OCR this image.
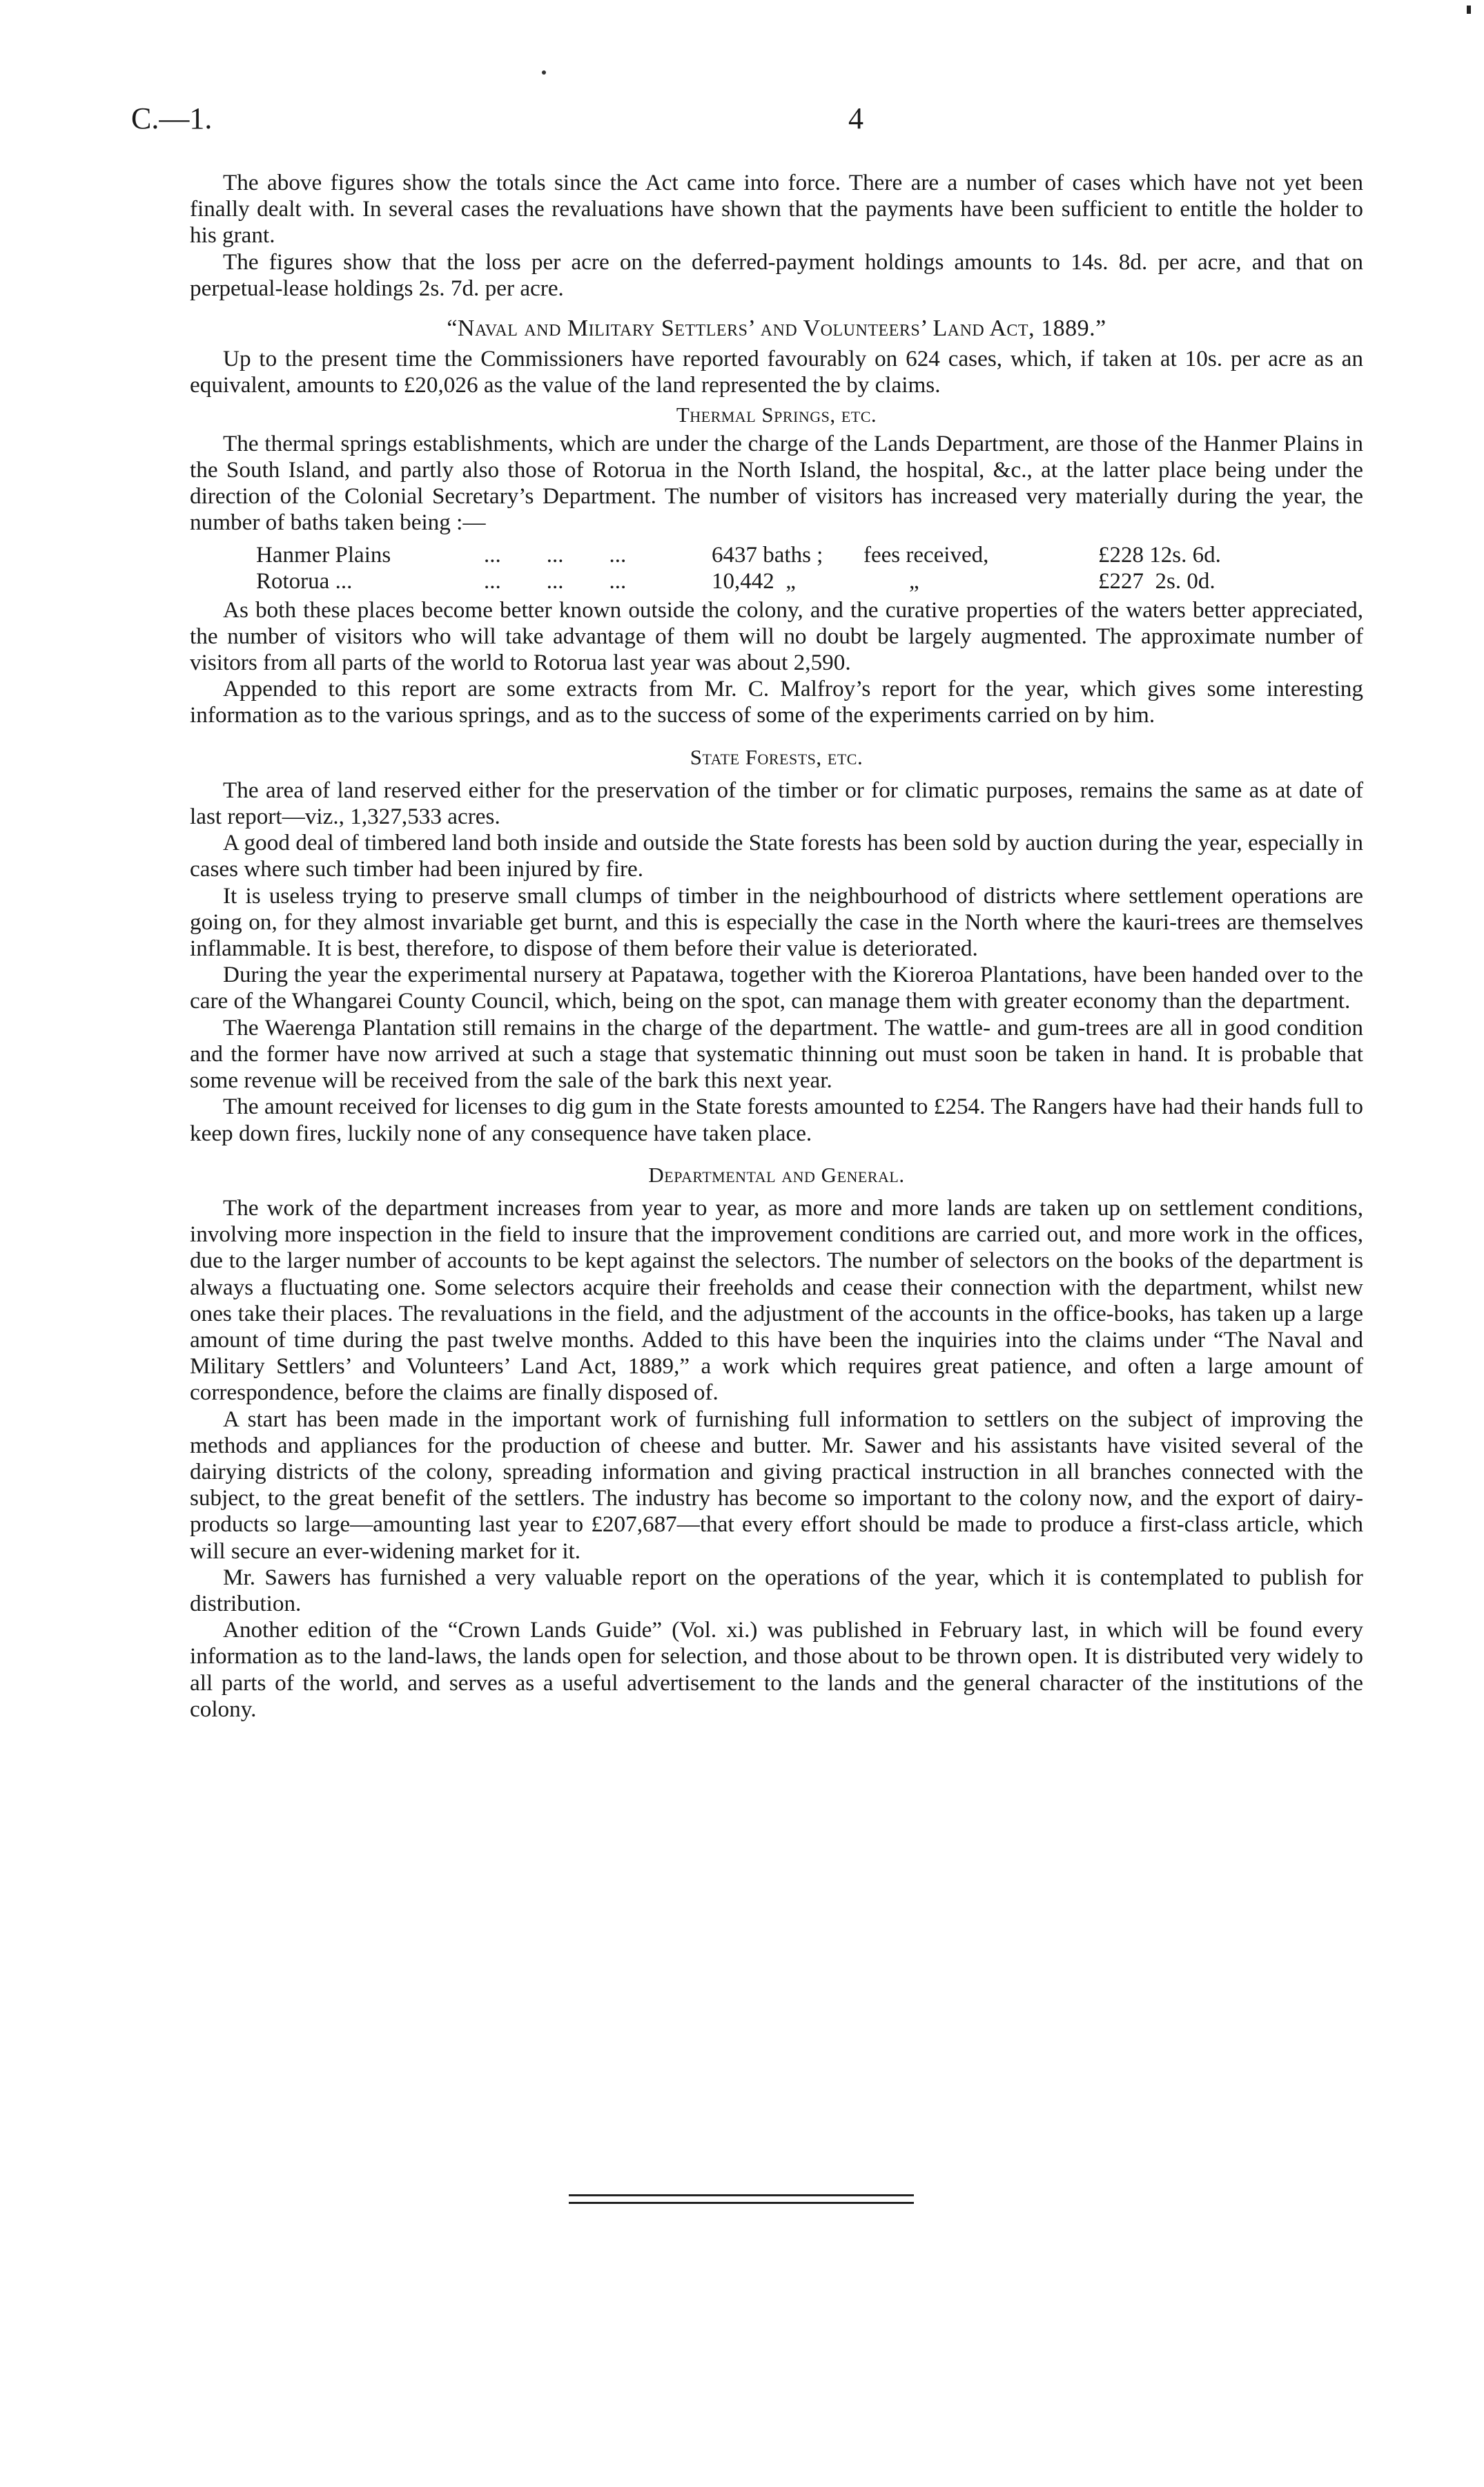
C.—1.	4

The above figures show the totals since the Act came into force. There are a number of cases which have not yet been finally dealt with. In several cases the revaluations have shown that the payments have been sufficient to entitle the holder to his grant.

The figures show that the loss per acre on the deferred-payment holdings amounts to 14s. 8d. per acre, and that on perpetual-lease holdings 2s. 7d. per acre.

“Naval and Military Settlers’ and Volunteers’ Land Act, 1889.”

Up to the present time the Commissioners have reported favourably on 624 cases, which, if taken at 10s. per acre as an equivalent, amounts to £20,026 as the value of the land represented the by claims.

Thermal Springs, etc.

The thermal springs establishments, which are under the charge of the Lands Department, are those of the Hanmer Plains in the South Island, and partly also those of Rotorua in the North Island, the hospital, &c., at the latter place being under the direction of the Colonial Secretary’s Department. The number of visitors has increased very materially during the year, the number of baths taken being :—

Hanmer Plains	...        ...        ...	6437 baths ;	fees received,	£228 12s. 6d.
Rotorua ...	...        ...        ...	10,442  „	„	£227  2s. 0d.

As both these places become better known outside the colony, and the curative properties of the waters better appreciated, the number of visitors who will take advantage of them will no doubt be largely augmented. The approximate number of visitors from all parts of the world to Rotorua last year was about 2,590.

Appended to this report are some extracts from Mr. C. Malfroy’s report for the year, which gives some interesting information as to the various springs, and as to the success of some of the experiments carried on by him.

State Forests, etc.

The area of land reserved either for the preservation of the timber or for climatic purposes, remains the same as at date of last report—viz., 1,327,533 acres.

A good deal of timbered land both inside and outside the State forests has been sold by auction during the year, especially in cases where such timber had been injured by fire.

It is useless trying to preserve small clumps of timber in the neighbourhood of districts where settlement operations are going on, for they almost invariable get burnt, and this is especially the case in the North where the kauri-trees are themselves inflammable. It is best, therefore, to dispose of them before their value is deteriorated.

During the year the experimental nursery at Papatawa, together with the Kioreroa Plantations, have been handed over to the care of the Whangarei County Council, which, being on the spot, can manage them with greater economy than the department.

The Waerenga Plantation still remains in the charge of the department. The wattle- and gum-trees are all in good condition and the former have now arrived at such a stage that systematic thinning out must soon be taken in hand. It is probable that some revenue will be received from the sale of the bark this next year.

The amount received for licenses to dig gum in the State forests amounted to £254. The Rangers have had their hands full to keep down fires, luckily none of any consequence have taken place.

Departmental and General.

The work of the department increases from year to year, as more and more lands are taken up on settlement conditions, involving more inspection in the field to insure that the improvement conditions are carried out, and more work in the offices, due to the larger number of accounts to be kept against the selectors. The number of selectors on the books of the department is always a fluctuating one. Some selectors acquire their freeholds and cease their connection with the department, whilst new ones take their places. The revaluations in the field, and the adjustment of the accounts in the office-books, has taken up a large amount of time during the past twelve months. Added to this have been the inquiries into the claims under “The Naval and Military Settlers’ and Volunteers’ Land Act, 1889,” a work which requires great patience, and often a large amount of correspondence, before the claims are finally disposed of.

A start has been made in the important work of furnishing full information to settlers on the subject of improving the methods and appliances for the production of cheese and butter. Mr. Sawer and his assistants have visited several of the dairying districts of the colony, spreading information and giving practical instruction in all branches connected with the subject, to the great benefit of the settlers. The industry has become so important to the colony now, and the export of dairy-products so large—amounting last year to £207,687—that every effort should be made to produce a first-class article, which will secure an ever-widening market for it.

Mr. Sawers has furnished a very valuable report on the operations of the year, which it is contemplated to publish for distribution.

Another edition of the “Crown Lands Guide” (Vol. xi.) was published in February last, in which will be found every information as to the land-laws, the lands open for selection, and those about to be thrown open. It is distributed very widely to all parts of the world, and serves as a useful advertisement to the lands and the general character of the institutions of the colony.
